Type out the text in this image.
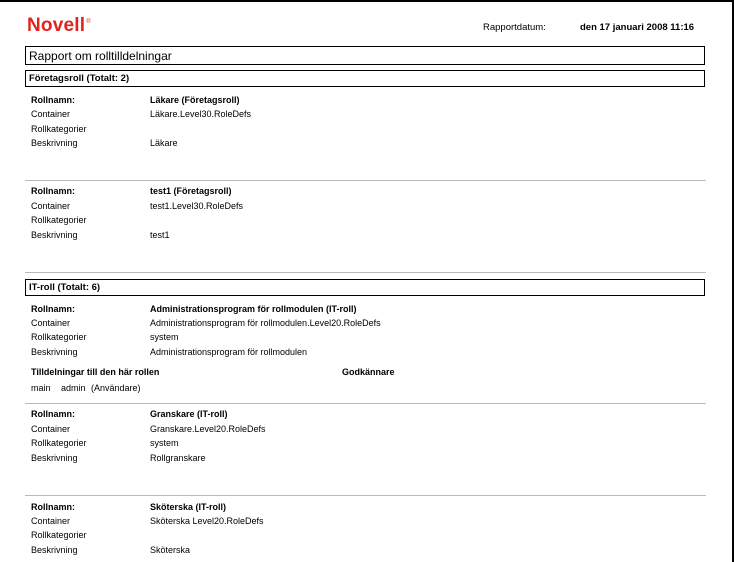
Novell®	Rapportdatum:	den 17 januari 2008 11:16
Rapport om rolltilldelningar
Företagsroll (Totalt: 2)
Rollnamn:	Läkare (Företagsroll)
Container	Läkare.Level30.RoleDefs
Rollkategorier
Beskrivning	Läkare
Rollnamn:	test1 (Företagsroll)
Container	test1.Level30.RoleDefs
Rollkategorier
Beskrivning	test1
IT-roll (Totalt: 6)
Rollnamn:	Administrationsprogram för rollmodulen (IT-roll)
Container	Administrationsprogram för rollmodulen.Level20.RoleDefs
Rollkategorier	system
Beskrivning	Administrationsprogram för rollmodulen
Tilldelningar till den här rollen	Godkännare
main admin (Användare)
Rollnamn:	Granskare (IT-roll)
Container	Granskare.Level20.RoleDefs
Rollkategorier	system
Beskrivning	Rollgranskare
Rollnamn:	Sköterska (IT-roll)
Container	Sköterska Level20.RoleDefs
Rollkategorier
Beskrivning	Sköterska
